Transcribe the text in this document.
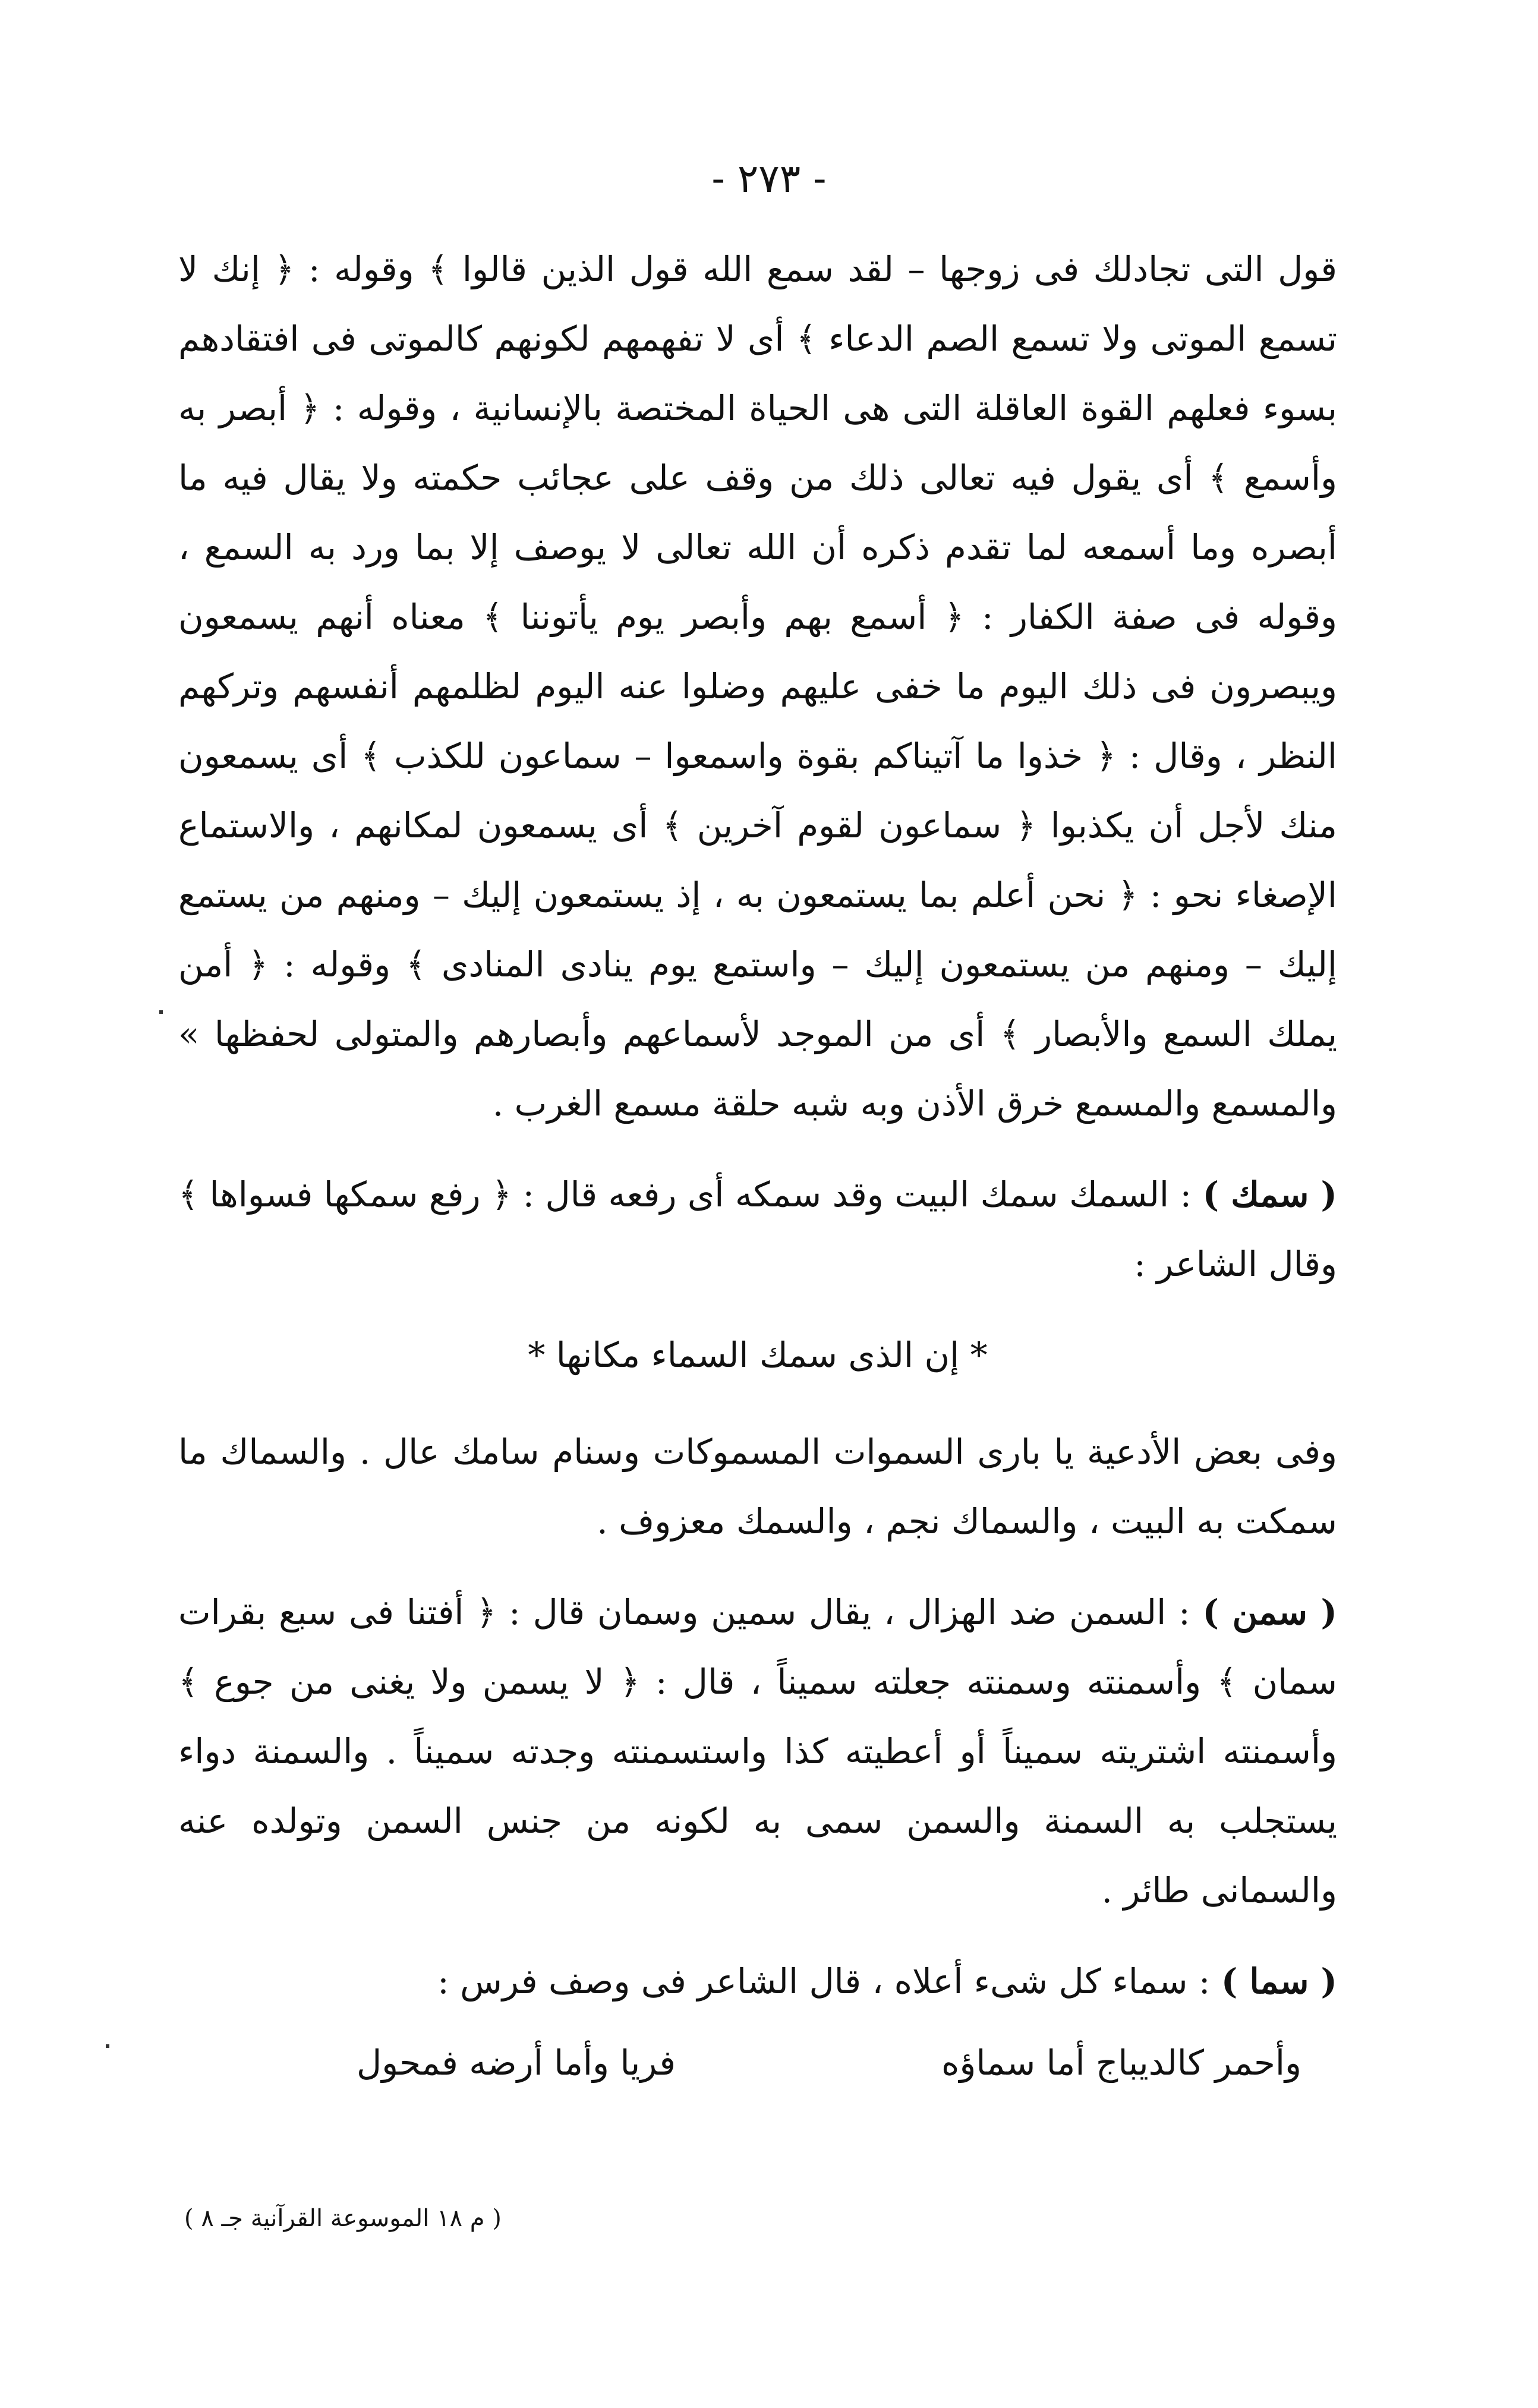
- ٢٧٣ -

قول التى تجادلك فى زوجها – لقد سمع الله قول الذين قالوا ﴾ وقوله : ﴿ إنك لا تسمع الموتى ولا تسمع الصم الدعاء ﴾ أى لا تفهمهم لكونهم كالموتى فى افتقادهم بسوء فعلهم القوة العاقلة التى هى الحياة المختصة بالإنسانية ، وقوله : ﴿ أبصر به وأسمع ﴾ أى يقول فيه تعالى ذلك من وقف على عجائب حكمته ولا يقال فيه ما أبصره وما أسمعه لما تقدم ذكره أن الله تعالى لا يوصف إلا بما ورد به السمع ، وقوله فى صفة الكفار : ﴿ أسمع بهم وأبصر يوم يأتوننا ﴾ معناه أنهم يسمعون ويبصرون فى ذلك اليوم ما خفى عليهم وضلوا عنه اليوم لظلمهم أنفسهم وتركهم النظر ، وقال : ﴿ خذوا ما آتيناكم بقوة واسمعوا – سماعون للكذب ﴾ أى يسمعون منك لأجل أن يكذبوا ﴿ سماعون لقوم آخرين ﴾ أى يسمعون لمكانهم ، والاستماع الإصغاء نحو : ﴿ نحن أعلم بما يستمعون به ، إذ يستمعون إليك – ومنهم من يستمع إليك – ومنهم من يستمعون إليك – واستمع يوم ينادى المنادى ﴾ وقوله : ﴿ أمن يملك السمع والأبصار ﴾ أى من الموجد لأسماعهم وأبصارهم والمتولى لحفظها » والمسمع والمسمع خرق الأذن وبه شبه حلقة مسمع الغرب .

( سمك ) : السمك سمك البيت وقد سمكه أى رفعه قال : ﴿ رفع سمكها فسواها ﴾ وقال الشاعر :

* إن الذى سمك السماء مكانها *

وفى بعض الأدعية يا بارى السموات المسموكات وسنام سامك عال . والسماك ما سمكت به البيت ، والسماك نجم ، والسمك معزوف .

( سمن ) : السمن ضد الهزال ، يقال سمين وسمان قال : ﴿ أفتنا فى سبع بقرات سمان ﴾ وأسمنته وسمنته جعلته سميناً ، قال : ﴿ لا يسمن ولا يغنى من جوع ﴾ وأسمنته اشتريته سميناً أو أعطيته كذا واستسمنته وجدته سميناً . والسمنة دواء يستجلب به السمنة والسمن سمى به لكونه من جنس السمن وتولده عنه والسمانى طائر .

( سما ) : سماء كل شىء أعلاه ، قال الشاعر فى وصف فرس :

وأحمر كالديباج أما سماؤه
فريا وأما أرضه فمحول
( م ١٨ الموسوعة القرآنية جـ ٨ )
